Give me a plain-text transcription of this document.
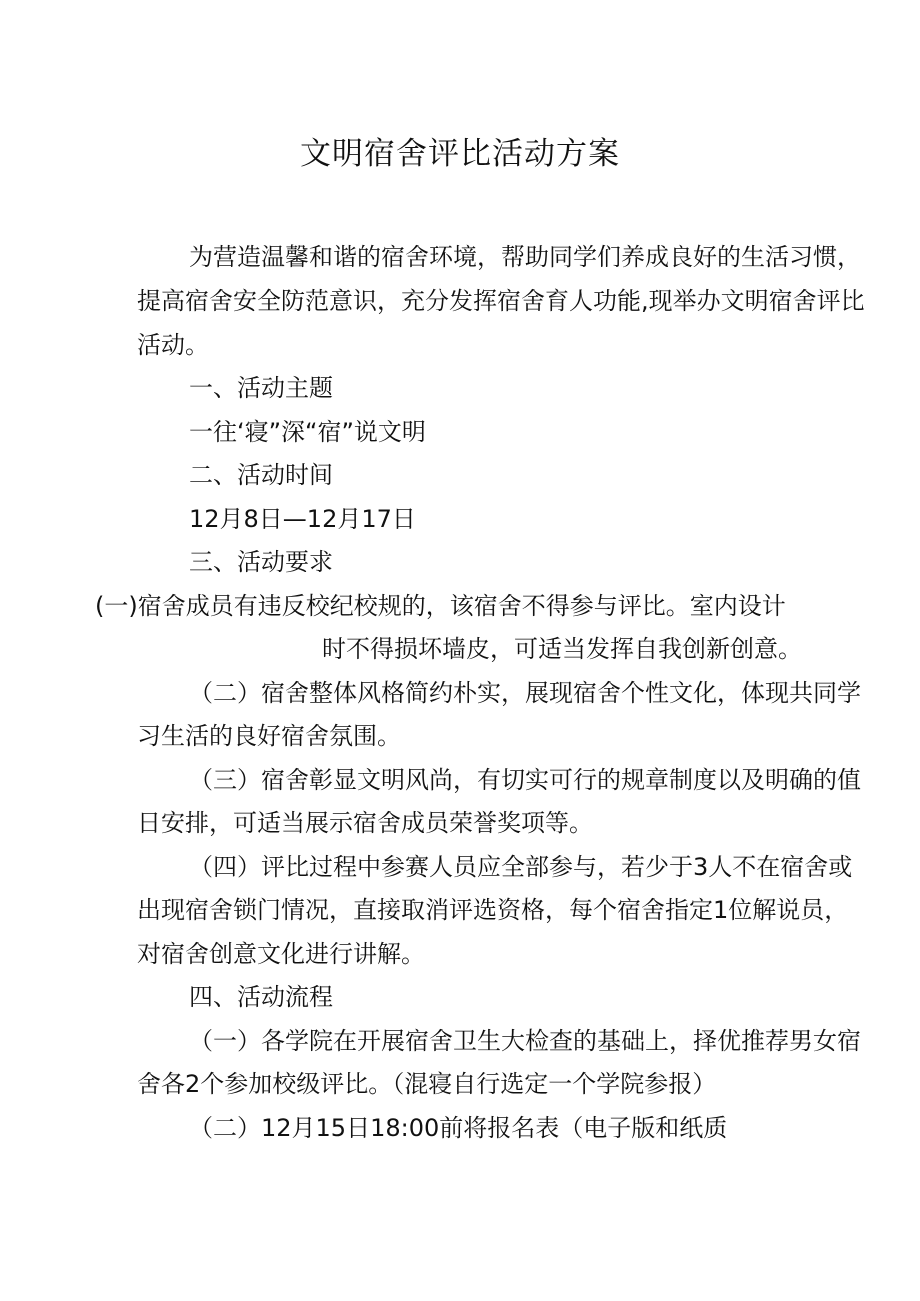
文明宿舍评比活动方案
为营造温馨和谐的宿舍环境，帮助同学们养成良好的生活习惯，
提高宿舍安全防范意识，充分发挥宿舍育人功能,现举办文明宿舍评比
活动。
一、活动主题
一往‘寝”深“宿”说文明
二、活动时间
12月8日—12月17日
三、活动要求
(一)宿舍成员有违反校纪校规的，该宿舍不得参与评比。室内设计
时不得损坏墙皮，可适当发挥自我创新创意。
（二）宿舍整体风格简约朴实，展现宿舍个性文化，体现共同学
习生活的良好宿舍氛围。
（三）宿舍彰显文明风尚，有切实可行的规章制度以及明确的值
日安排，可适当展示宿舍成员荣誉奖项等。
（四）评比过程中参赛人员应全部参与，若少于3人不在宿舍或
出现宿舍锁门情况，直接取消评选资格，每个宿舍指定1位解说员，
对宿舍创意文化进行讲解。
四、活动流程
（一）各学院在开展宿舍卫生大检查的基础上，择优推荐男女宿
舍各2个参加校级评比。（混寝自行选定一个学院参报）
（二）12月15日18:00前将报名表（电子版和纸质
